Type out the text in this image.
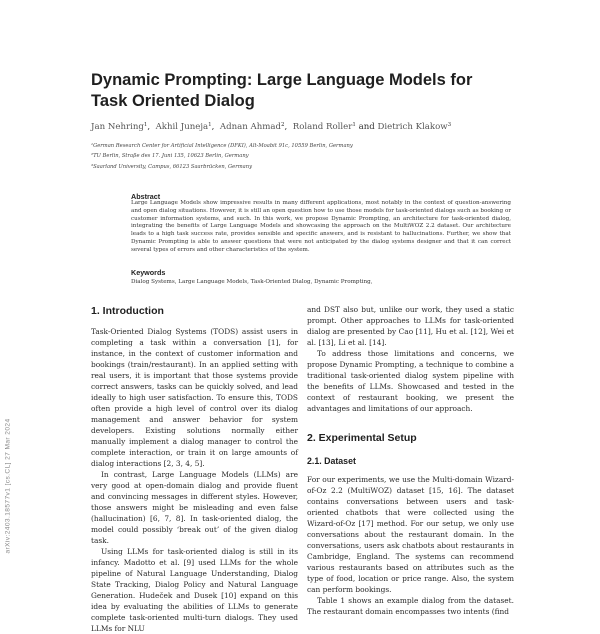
Dynamic Prompting: Large Language Models for Task Oriented Dialog
Jan Nehring$^1$,  Akhil Juneja$^1$,  Adnan Ahmad$^2$,  Roland Roller$^1$ and Dietrich Klakow$^3$
¹German Research Center for Artificial Intelligence (DFKI), Alt-Moabit 91c, 10559 Berlin, Germany
²TU Berlin, Straße des 17. Juni 135, 10623 Berlin, Germany
³Saarland University, Campus, 66123 Saarbrücken, Germany
Abstract
Large Language Models show impressive results in many different applications, most notably in the context of question-answering and open dialog situations. However, it is still an open question how to use those models for task-oriented dialogs such as booking or customer information systems, and such. In this work, we propose Dynamic Prompting, an architecture for task-oriented dialog, integrating the benefits of Large Language Models and showcasing the approach on the MultiWOZ 2.2 dataset. Our architecture leads to a high task success rate, provides sensible and specific answers, and is resistant to hallucinations. Further, we show that Dynamic Prompting is able to answer questions that were not anticipated by the dialog systems designer and that it can correct several types of errors and other characteristics of the system.
Keywords
Dialog Systems, Large Language Models, Task-Oriented Dialog, Dynamic Prompting,
1. Introduction

Task-Oriented Dialog Systems (TODS) assist users in completing a task within a conversation [1], for instance, in the context of customer information and bookings (train/restaurant). In an applied setting with real users, it is important that those systems provide correct answers, tasks can be quickly solved, and lead ideally to high user satisfaction. To ensure this, TODS often provide a high level of control over its dialog management and answer behavior for system developers. Existing solutions normally either manually implement a dialog manager to control the complete interaction, or train it on large amounts of dialog interactions [2, 3, 4, 5].

In contrast, Large Language Models (LLMs) are very good at open-domain dialog and provide fluent and convincing messages in different styles. However, those answers might be misleading and even false (hallucination) [6, 7, 8]. In task-oriented dialog, the model could possibly ‘break out’ of the given dialog task.

Using LLMs for task-oriented dialog is still in its infancy. Madotto et al. [9] used LLMs for the whole pipeline of Natural Language Understanding, Dialog State Tracking, Dialog Policy and Natural Language Generation. Hudeček and Dusek [10] expand on this idea by evaluating the abilities of LLMs to generate complete task-oriented multi-turn dialogs. They used LLMs for NLU

and DST also but, unlike our work, they used a static prompt. Other approaches to LLMs for task-oriented dialog are presented by Cao [11], Hu et al. [12], Wei et al. [13], Li et al. [14].

To address those limitations and concerns, we propose Dynamic Prompting, a technique to combine a traditional task-oriented dialog system pipeline with the benefits of LLMs. Showcased and tested in the context of restaurant booking, we present the advantages and limitations of our approach.

2. Experimental Setup
2.1. Dataset

For our experiments, we use the Multi-domain Wizard-of-Oz 2.2 (MultiWOZ) dataset [15, 16]. The dataset contains conversations between users and task-oriented chatbots that were collected using the Wizard-of-Oz [17] method. For our setup, we only use conversations about the restaurant domain. In the conversations, users ask chatbots about restaurants in Cambridge, England. The systems can recommend various restaurants based on attributes such as the type of food, location or price range. Also, the system can perform bookings.

Table 1 shows an example dialog from the dataset. The restaurant domain encompasses two intents (find

arXiv:2403.18577v1 [cs.CL] 27 Mar 2024
